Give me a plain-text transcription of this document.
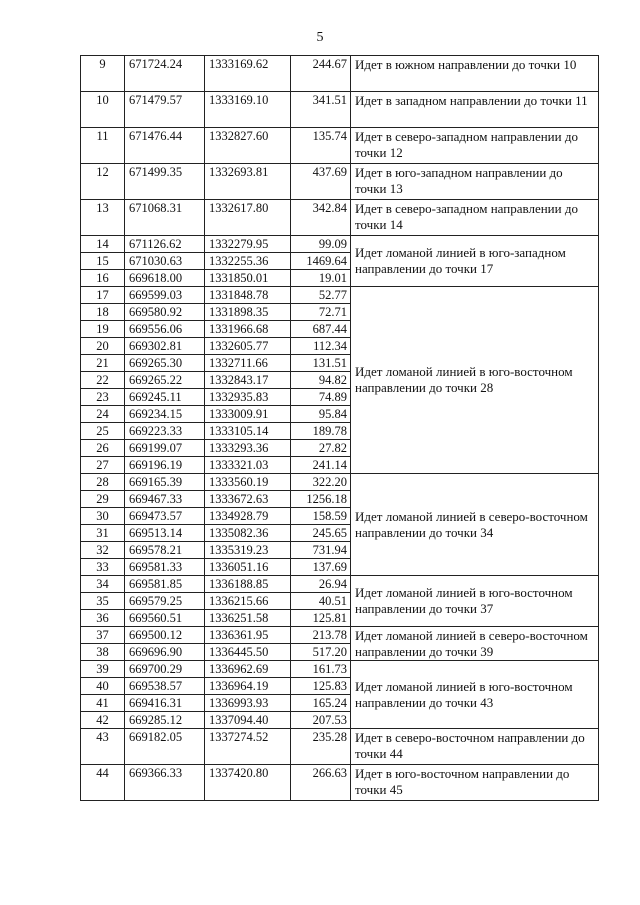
5
9	671724.24	1333169.62	244.67	Идет в южном направлении до точки 10
10	671479.57	1333169.10	341.51	Идет в западном направлении до точки 11
11	671476.44	1332827.60	135.74	Идет в северо-западном направлении до точки 12
12	671499.35	1332693.81	437.69	Идет в юго-западном направлении до точки 13
13	671068.31	1332617.80	342.84	Идет в северо-западном направлении до точки 14
14	671126.62	1332279.95	99.09	Идет ломаной линией в юго-западном направлении до точки 17
15	671030.63	1332255.36	1469.64	
16	669618.00	1331850.01	19.01	
17	669599.03	1331848.78	52.77	Идет ломаной линией в юго-восточном направлении до точки 28
18	669580.92	1331898.35	72.71	
19	669556.06	1331966.68	687.44	
20	669302.81	1332605.77	112.34	
21	669265.30	1332711.66	131.51	
22	669265.22	1332843.17	94.82	
23	669245.11	1332935.83	74.89	
24	669234.15	1333009.91	95.84	
25	669223.33	1333105.14	189.78	
26	669199.07	1333293.36	27.82	
27	669196.19	1333321.03	241.14	
28	669165.39	1333560.19	322.20	Идет ломаной линией в северо-восточном направлении до точки 34
29	669467.33	1333672.63	1256.18	
30	669473.57	1334928.79	158.59	
31	669513.14	1335082.36	245.65	
32	669578.21	1335319.23	731.94	
33	669581.33	1336051.16	137.69	
34	669581.85	1336188.85	26.94	Идет ломаной линией в юго-восточном направлении до точки 37
35	669579.25	1336215.66	40.51	
36	669560.51	1336251.58	125.81	
37	669500.12	1336361.95	213.78	Идет ломаной линией в северо-восточном направлении до точки 39
38	669696.90	1336445.50	517.20	
39	669700.29	1336962.69	161.73	Идет ломаной линией в юго-восточном направлении до точки 43
40	669538.57	1336964.19	125.83	
41	669416.31	1336993.93	165.24	
42	669285.12	1337094.40	207.53	
43	669182.05	1337274.52	235.28	Идет в северо-восточном направлении до точки 44
44	669366.33	1337420.80	266.63	Идет в юго-восточном направлении до точки 45
